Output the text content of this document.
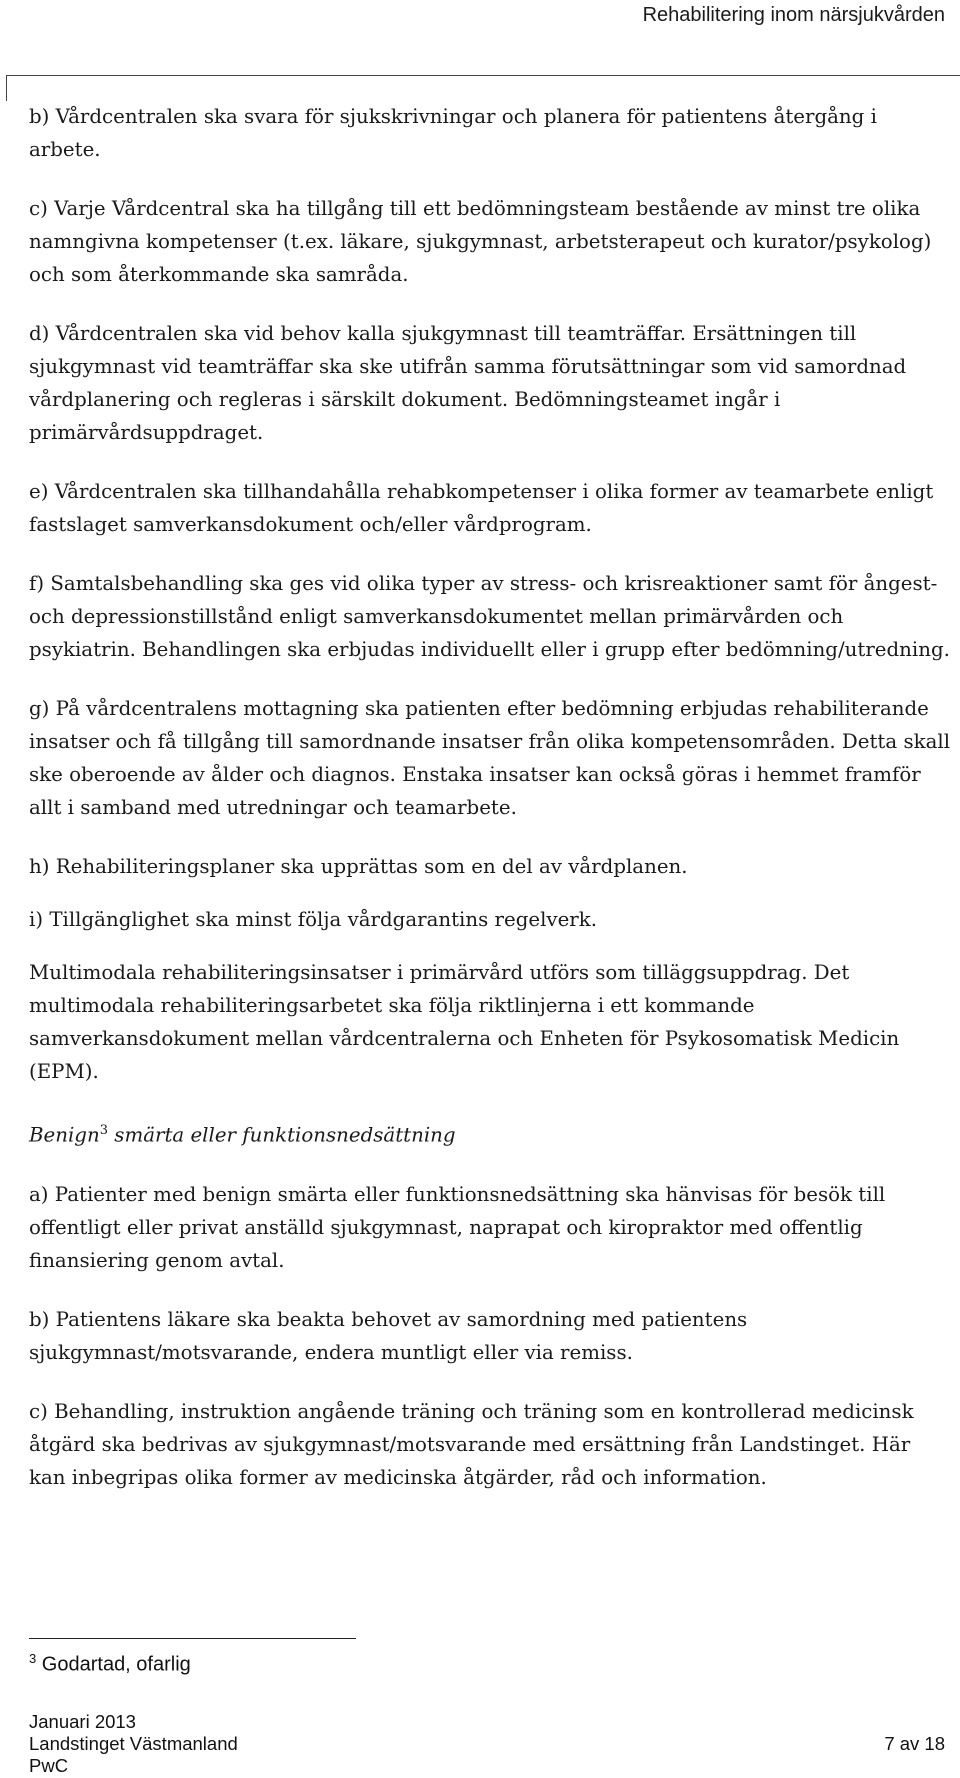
Rehabilitering inom närsjukvården

b) Vårdcentralen ska svara för sjukskrivningar och planera för patientens återgång i arbete.

c) Varje Vårdcentral ska ha tillgång till ett bedömningsteam bestående av minst tre olika namngivna kompetenser (t.ex. läkare, sjukgymnast, arbetsterapeut och kurator/psykolog) och som återkommande ska samråda.

d) Vårdcentralen ska vid behov kalla sjukgymnast till teamträffar. Ersättningen till sjukgymnast vid teamträffar ska ske utifrån samma förutsättningar som vid samordnad vårdplanering och regleras i särskilt dokument. Bedömningsteamet ingår i primärvårdsuppdraget.

e) Vårdcentralen ska tillhandahålla rehabkompetenser i olika former av teamarbete enligt fastslaget samverkansdokument och/eller vårdprogram.

f) Samtalsbehandling ska ges vid olika typer av stress- och krisreaktioner samt för ångest- och depressionstillstånd enligt samverkansdokumentet mellan primärvården och psykiatrin. Behandlingen ska erbjudas individuellt eller i grupp efter bedömning/utredning.

g) På vårdcentralens mottagning ska patienten efter bedömning erbjudas rehabiliterande insatser och få tillgång till samordnande insatser från olika kompetensområden. Detta skall ske oberoende av ålder och diagnos. Enstaka insatser kan också göras i hemmet framför allt i samband med utredningar och teamarbete.

h) Rehabiliteringsplaner ska upprättas som en del av vårdplanen.

i) Tillgänglighet ska minst följa vårdgarantins regelverk.

Multimodala rehabiliteringsinsatser i primärvård utförs som tilläggsuppdrag. Det multimodala rehabiliteringsarbetet ska följa riktlinjerna i ett kommande samverkansdokument mellan vårdcentralerna och Enheten för Psykosomatisk Medicin (EPM).

Benign$^3$ smärta eller funktionsnedsättning

a) Patienter med benign smärta eller funktionsnedsättning ska hänvisas för besök till offentligt eller privat anställd sjukgymnast, naprapat och kiropraktor med offentlig finansiering genom avtal.

b) Patientens läkare ska beakta behovet av samordning med patientens sjukgymnast/motsvarande, endera muntligt eller via remiss.

c) Behandling, instruktion angående träning och träning som en kontrollerad medicinsk åtgärd ska bedrivas av sjukgymnast/motsvarande med ersättning från Landstinget. Här kan inbegripas olika former av medicinska åtgärder, råd och information.

$^3$ Godartad, ofarlig
Januari 2013
Landstinget Västmanland
PwC
7 av 18
